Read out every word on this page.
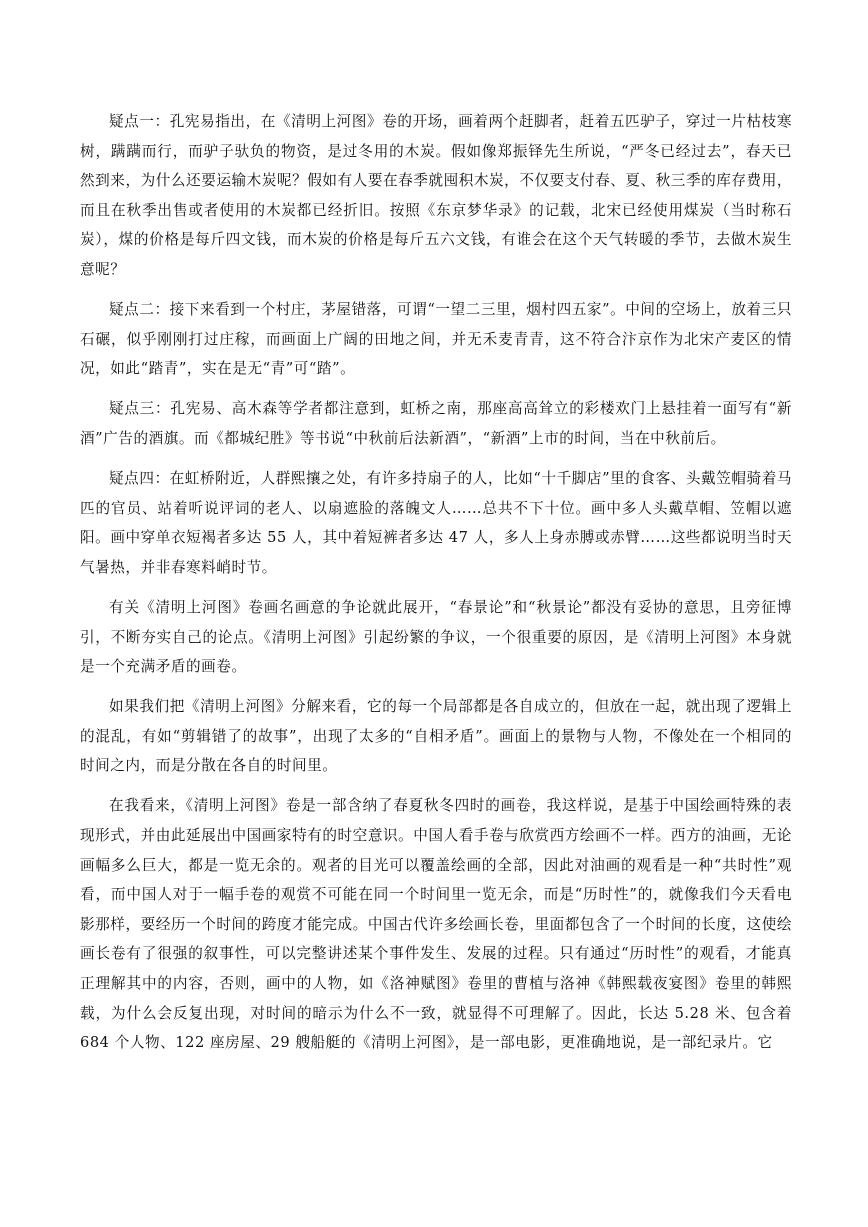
疑点一：孔宪易指出，在《清明上河图》卷的开场，画着两个赶脚者，赶着五匹驴子，穿过一片枯枝寒树，蹒蹒而行，而驴子驮负的物资，是过冬用的木炭。假如像郑振铎先生所说，“严冬已经过去”，春天已然到来，为什么还要运输木炭呢？假如有人要在春季就囤积木炭，不仅要支付春、夏、秋三季的库存费用，而且在秋季出售或者使用的木炭都已经折旧。按照《东京梦华录》的记载，北宋已经使用煤炭（当时称石炭），煤的价格是每斤四文钱，而木炭的价格是每斤五六文钱，有谁会在这个天气转暖的季节，去做木炭生意呢？

疑点二：接下来看到一个村庄，茅屋错落，可谓“一望二三里，烟村四五家”。中间的空场上，放着三只石碾，似乎刚刚打过庄稼，而画面上广阔的田地之间，并无禾麦青青，这不符合汴京作为北宋产麦区的情况，如此“踏青”，实在是无“青”可“踏”。

疑点三：孔宪易、高木森等学者都注意到，虹桥之南，那座高高耸立的彩楼欢门上悬挂着一面写有“新酒”广告的酒旗。而《都城纪胜》等书说“中秋前后法新酒”，“新酒”上市的时间，当在中秋前后。

疑点四：在虹桥附近，人群熙攘之处，有许多持扇子的人，比如“十千脚店”里的食客、头戴笠帽骑着马匹的官员、站着听说评词的老人、以扇遮脸的落魄文人……总共不下十位。画中多人头戴草帽、笠帽以遮阳。画中穿单衣短褐者多达 55 人，其中着短裤者多达 47 人，多人上身赤膊或赤臂……这些都说明当时天气暑热，并非春寒料峭时节。

有关《清明上河图》卷画名画意的争论就此展开，“春景论”和“秋景论”都没有妥协的意思，且旁征博引，不断夯实自己的论点。《清明上河图》引起纷繁的争议，一个很重要的原因，是《清明上河图》本身就是一个充满矛盾的画卷。

如果我们把《清明上河图》分解来看，它的每一个局部都是各自成立的，但放在一起，就出现了逻辑上的混乱，有如“剪辑错了的故事”，出现了太多的“自相矛盾”。画面上的景物与人物，不像处在一个相同的时间之内，而是分散在各自的时间里。

在我看来，《清明上河图》卷是一部含纳了春夏秋冬四时的画卷，我这样说，是基于中国绘画特殊的表现形式，并由此延展出中国画家特有的时空意识。中国人看手卷与欣赏西方绘画不一样。西方的油画，无论画幅多么巨大，都是一览无余的。观者的目光可以覆盖绘画的全部，因此对油画的观看是一种“共时性”观看，而中国人对于一幅手卷的观赏不可能在同一个时间里一览无余，而是“历时性”的，就像我们今天看电影那样，要经历一个时间的跨度才能完成。中国古代许多绘画长卷，里面都包含了一个时间的长度，这使绘画长卷有了很强的叙事性，可以完整讲述某个事件发生、发展的过程。只有通过“历时性”的观看，才能真正理解其中的内容，否则，画中的人物，如《洛神赋图》卷里的曹植与洛神《韩熙载夜宴图》卷里的韩熙载，为什么会反复出现，对时间的暗示为什么不一致，就显得不可理解了。因此，长达 5.28 米、包含着 684 个人物、122 座房屋、29 艘船艇的《清明上河图》，是一部电影，更准确地说，是一部纪录片。它
